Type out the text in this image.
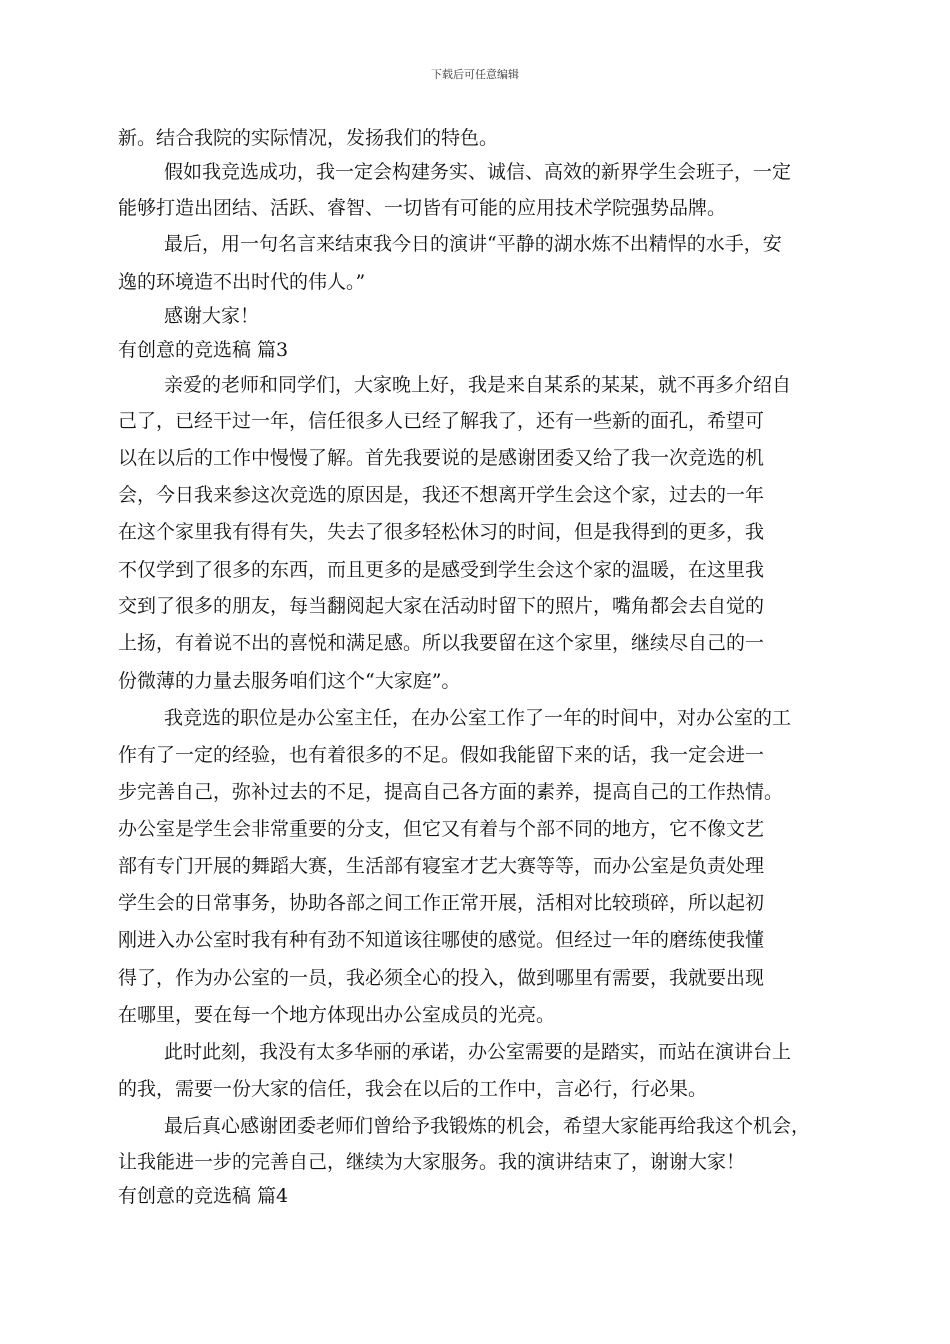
下载后可任意编辑
新。结合我院的实际情况，发扬我们的特色。
假如我竞选成功，我一定会构建务实、诚信、高效的新界学生会班子，一定
能够打造出团结、活跃、睿智、一切皆有可能的应用技术学院强势品牌。
最后，用一句名言来结束我今日的演讲“平静的湖水炼不出精悍的水手，安
逸的环境造不出时代的伟人。”
感谢大家！
有创意的竞选稿 篇3
亲爱的老师和同学们，大家晚上好，我是来自某系的某某，就不再多介绍自
己了，已经干过一年，信任很多人已经了解我了，还有一些新的面孔，希望可
以在以后的工作中慢慢了解。首先我要说的是感谢团委又给了我一次竞选的机
会，今日我来参这次竞选的原因是，我还不想离开学生会这个家，过去的一年
在这个家里我有得有失，失去了很多轻松休习的时间，但是我得到的更多，我
不仅学到了很多的东西，而且更多的是感受到学生会这个家的温暖，在这里我
交到了很多的朋友，每当翻阅起大家在活动时留下的照片，嘴角都会去自觉的
上扬，有着说不出的喜悦和满足感。所以我要留在这个家里，继续尽自己的一
份微薄的力量去服务咱们这个“大家庭”。
我竞选的职位是办公室主任，在办公室工作了一年的时间中，对办公室的工
作有了一定的经验，也有着很多的不足。假如我能留下来的话，我一定会进一
步完善自己，弥补过去的不足，提高自己各方面的素养，提高自己的工作热情。
办公室是学生会非常重要的分支，但它又有着与个部不同的地方，它不像文艺
部有专门开展的舞蹈大赛，生活部有寝室才艺大赛等等，而办公室是负责处理
学生会的日常事务，协助各部之间工作正常开展，活相对比较琐碎，所以起初
刚进入办公室时我有种有劲不知道该往哪使的感觉。但经过一年的磨练使我懂
得了，作为办公室的一员，我必须全心的投入，做到哪里有需要，我就要出现
在哪里，要在每一个地方体现出办公室成员的光亮。
此时此刻，我没有太多华丽的承诺，办公室需要的是踏实，而站在演讲台上
的我，需要一份大家的信任，我会在以后的工作中，言必行，行必果。
最后真心感谢团委老师们曾给予我锻炼的机会，希望大家能再给我这个机会，
让我能进一步的完善自己，继续为大家服务。我的演讲结束了，谢谢大家！
有创意的竞选稿 篇4
